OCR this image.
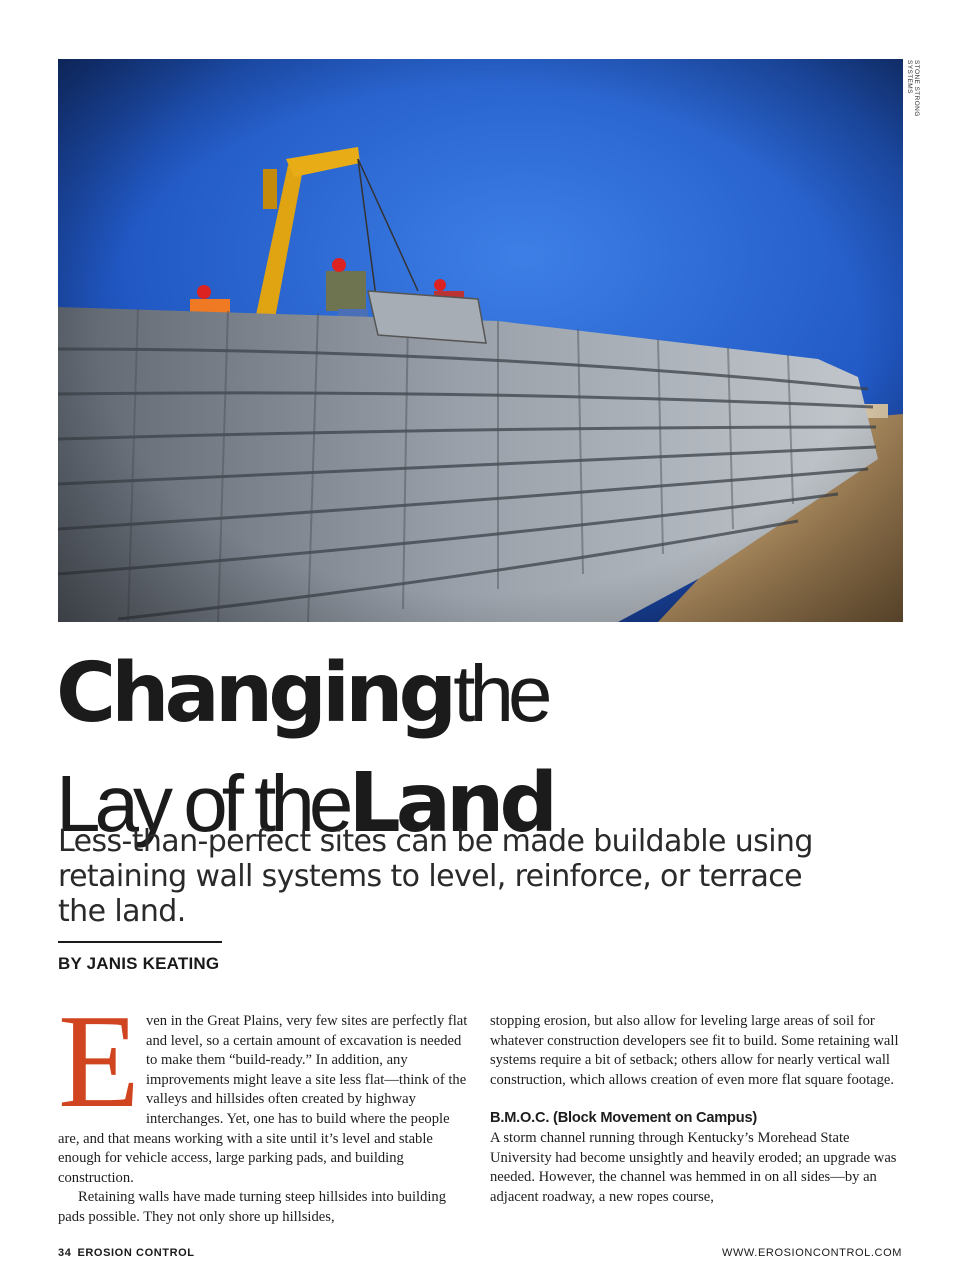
STONE STRONG SYSTEMS
Changing the
Lay of the Land
Less-than-perfect sites can be made buildable using retaining wall systems to level, reinforce, or terrace the land.
BY JANIS KEATING

Even in the Great Plains, very few sites are perfectly flat and level, so a certain amount of excavation is needed to make them “build-ready.” In addition, any improvements might leave a site less flat—think of the valleys and hillsides often created by highway interchanges. Yet, one has to build where the people are, and that means working with a site until it’s level and stable enough for vehicle access, large parking pads, and building construction.

Retaining walls have made turning steep hillsides into building pads possible. They not only shore up hillsides,

stopping erosion, but also allow for leveling large areas of soil for whatever construction developers see fit to build. Some retaining wall systems require a bit of setback; others allow for nearly vertical wall construction, which allows creation of even more flat square footage.

B.M.O.C. (Block Movement on Campus)

A storm channel running through Kentucky’s Morehead State University had become unsightly and heavily eroded; an upgrade was needed. However, the channel was hemmed in on all sides—by an adjacent roadway, a new ropes course,

34 EROSION CONTROL	WWW.EROSIONCONTROL.COM
